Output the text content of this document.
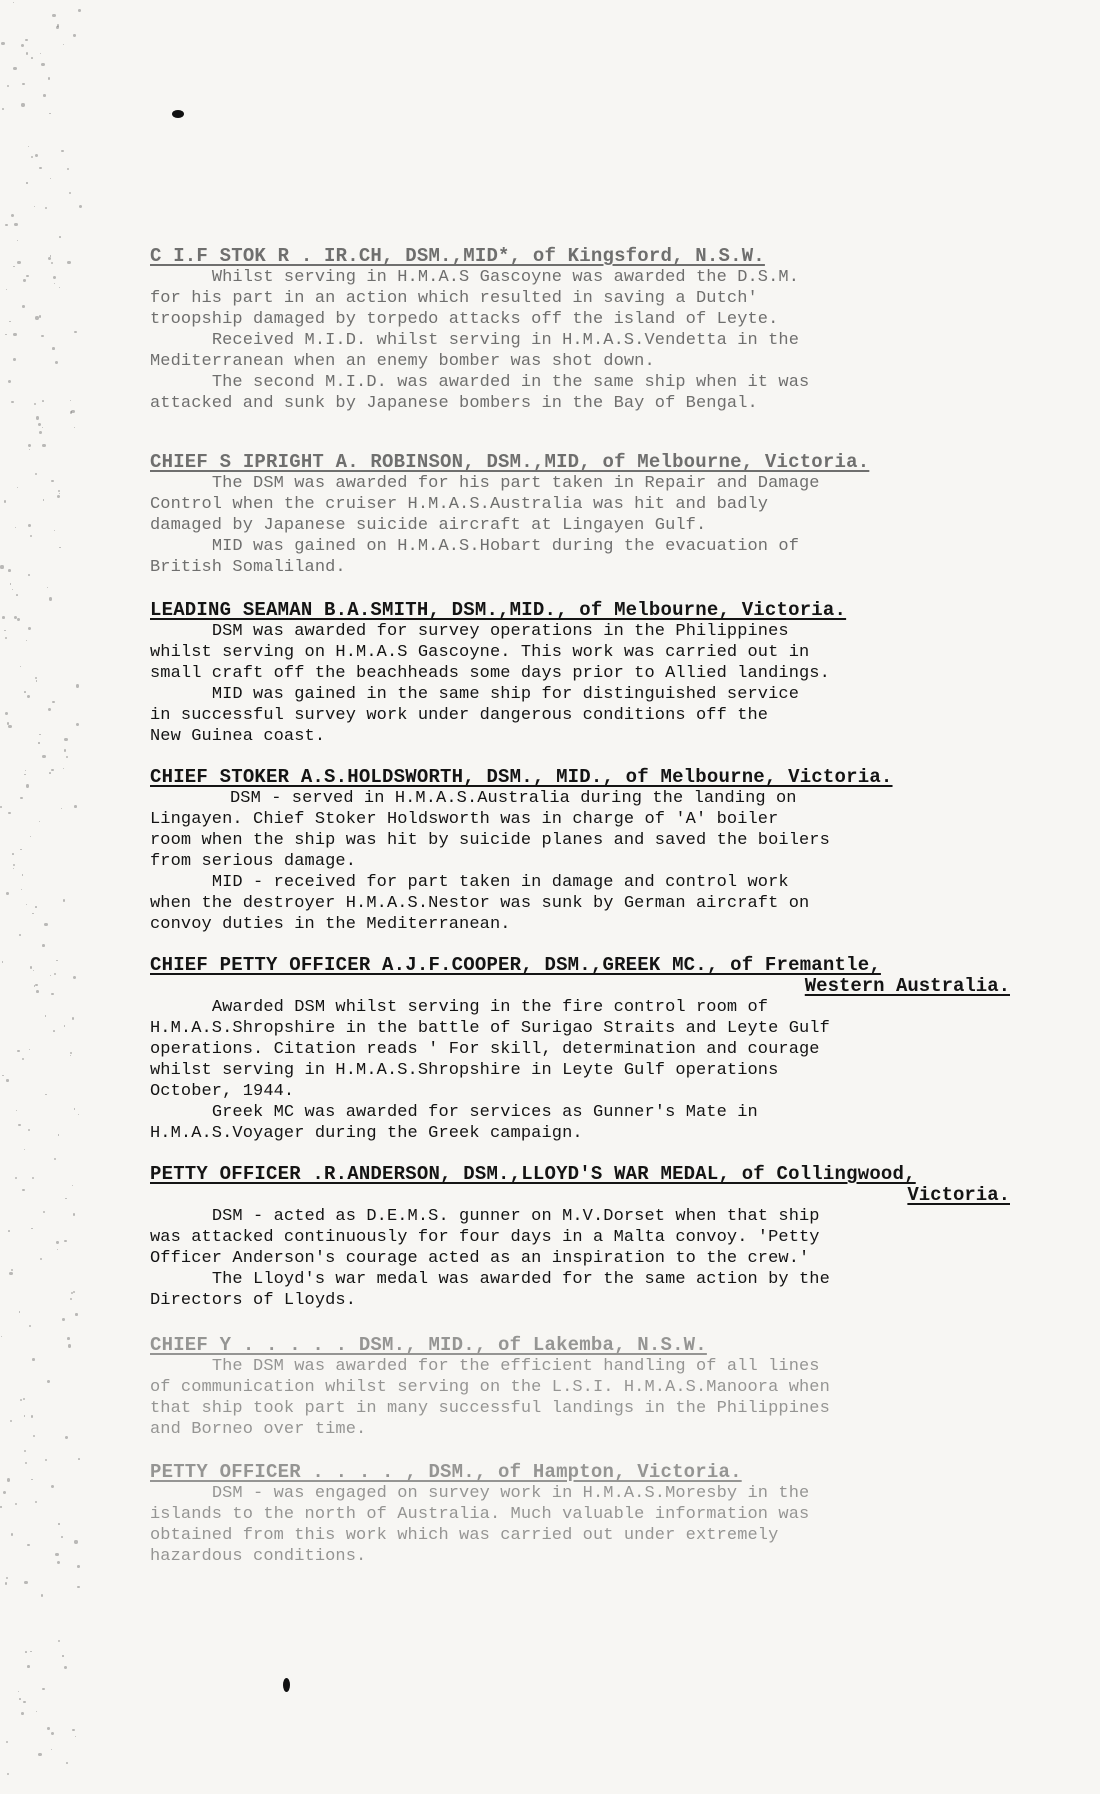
C I.F STOK R . IR.CH, DSM.,MID*, of Kingsford, N.S.W.

Whilst serving in H.M.A.S Gascoyne was awarded the D.S.M.

for his part in an action which resulted in saving a Dutch'

troopship damaged by torpedo attacks off the island of Leyte.

Received M.I.D. whilst serving in H.M.A.S.Vendetta in the

Mediterranean when an enemy bomber was shot down.

The second M.I.D. was awarded in the same ship when it was

attacked and sunk by Japanese bombers in the Bay of Bengal.

CHIEF S IPRIGHT A. ROBINSON, DSM.,MID, of Melbourne, Victoria.

The DSM was awarded for his part taken in Repair and Damage

Control when the cruiser H.M.A.S.Australia was hit and badly

damaged by Japanese suicide aircraft at Lingayen Gulf.

MID was gained on H.M.A.S.Hobart during the evacuation of

British Somaliland.

LEADING SEAMAN B.A.SMITH, DSM.,MID., of Melbourne, Victoria.

DSM was awarded for survey operations in the Philippines

whilst serving on H.M.A.S Gascoyne. This work was carried out in

small craft off the beachheads some days prior to Allied landings.

MID was gained in the same ship for distinguished service

in successful survey work under dangerous conditions off the

New Guinea coast.

CHIEF STOKER A.S.HOLDSWORTH, DSM., MID., of Melbourne, Victoria.

DSM - served in H.M.A.S.Australia during the landing on

Lingayen. Chief Stoker Holdsworth was in charge of 'A' boiler

room when the ship was hit by suicide planes and saved the boilers

from serious damage.

MID - received for part taken in damage and control work

when the destroyer H.M.A.S.Nestor was sunk by German aircraft on

convoy duties in the Mediterranean.

CHIEF PETTY OFFICER A.J.F.COOPER, DSM.,GREEK MC., of Fremantle,

Western Australia.

Awarded DSM whilst serving in the fire control room of

H.M.A.S.Shropshire in the battle of Surigao Straits and Leyte Gulf

operations. Citation reads ' For skill, determination and courage

whilst serving in H.M.A.S.Shropshire in Leyte Gulf operations

October, 1944.

Greek MC was awarded for services as Gunner's Mate in

H.M.A.S.Voyager during the Greek campaign.

PETTY OFFICER .R.ANDERSON, DSM.,LLOYD'S WAR MEDAL, of Collingwood,

Victoria.

DSM - acted as D.E.M.S. gunner on M.V.Dorset when that ship

was attacked continuously for four days in a Malta convoy. 'Petty

Officer Anderson's courage acted as an inspiration to the crew.'

The Lloyd's war medal was awarded for the same action by the

Directors of Lloyds.

CHIEF Y . . . . . DSM., MID., of Lakemba, N.S.W.

The DSM was awarded for the efficient handling of all lines

of communication whilst serving on the L.S.I. H.M.A.S.Manoora when

that ship took part in many successful landings in the Philippines

and Borneo over time.

PETTY OFFICER . . . . , DSM., of Hampton, Victoria.

DSM - was engaged on survey work in H.M.A.S.Moresby in the

islands to the north of Australia. Much valuable information was

obtained from this work which was carried out under extremely

hazardous conditions.
